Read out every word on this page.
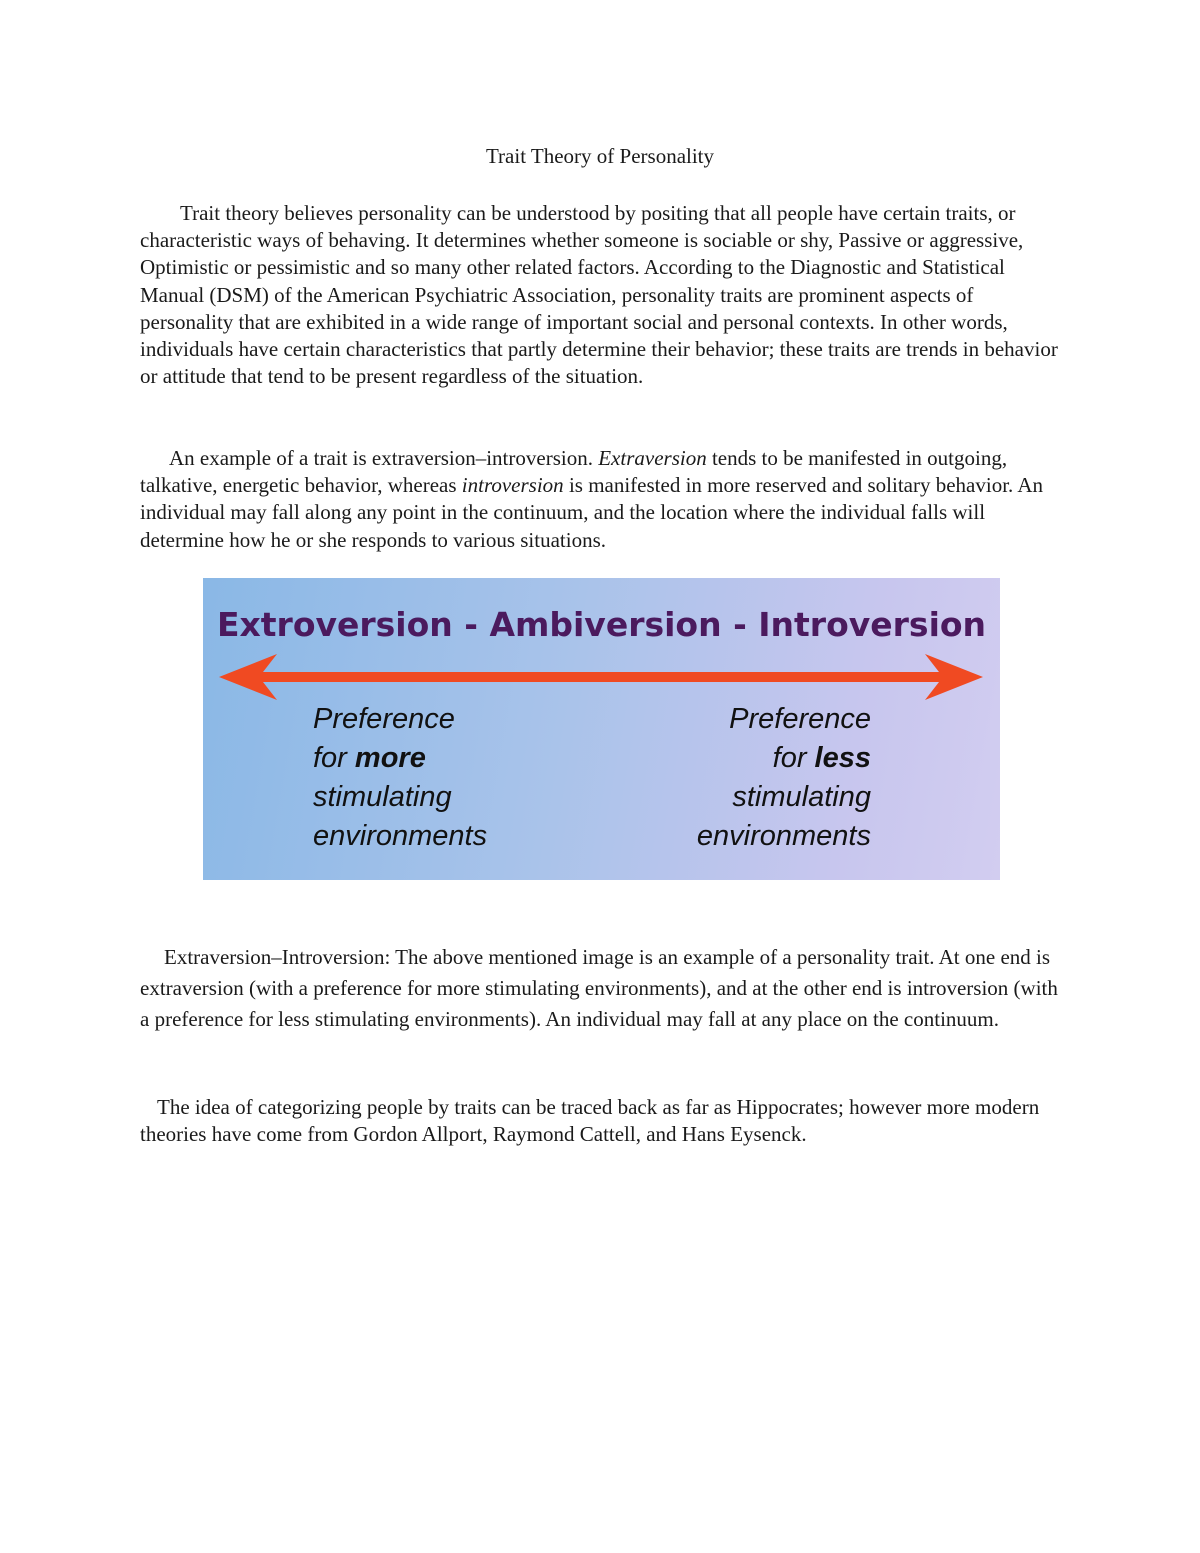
Trait Theory of Personality

Trait theory believes personality can be understood by positing that all people have certain traits, or characteristic ways of behaving. It determines whether someone is sociable or shy, Passive or aggressive, Optimistic or pessimistic and so many other related factors. According to the Diagnostic and Statistical Manual (DSM) of the American Psychiatric Association, personality traits are prominent aspects of personality that are exhibited in a wide range of important social and personal contexts. In other words, individuals have certain characteristics that partly determine their behavior; these traits are trends in behavior or attitude that tend to be present regardless of the situation.

An example of a trait is extraversion–introversion. Extraversion tends to be manifested in outgoing, talkative, energetic behavior, whereas introversion is manifested in more reserved and solitary behavior. An individual may fall along any point in the continuum, and the location where the individual falls will determine how he or she responds to various situations.

Extroversion - Ambiversion - Introversion
Preference
for more
stimulating
environments
Preference
for less
stimulating
environments

Extraversion–Introversion: The above mentioned image is an example of a personality trait. At one end is extraversion (with a preference for more stimulating environments), and at the other end is introversion (with a preference for less stimulating environments). An individual may fall at any place on the continuum.

The idea of categorizing people by traits can be traced back as far as Hippocrates; however more modern theories have come from Gordon Allport, Raymond Cattell, and Hans Eysenck.
